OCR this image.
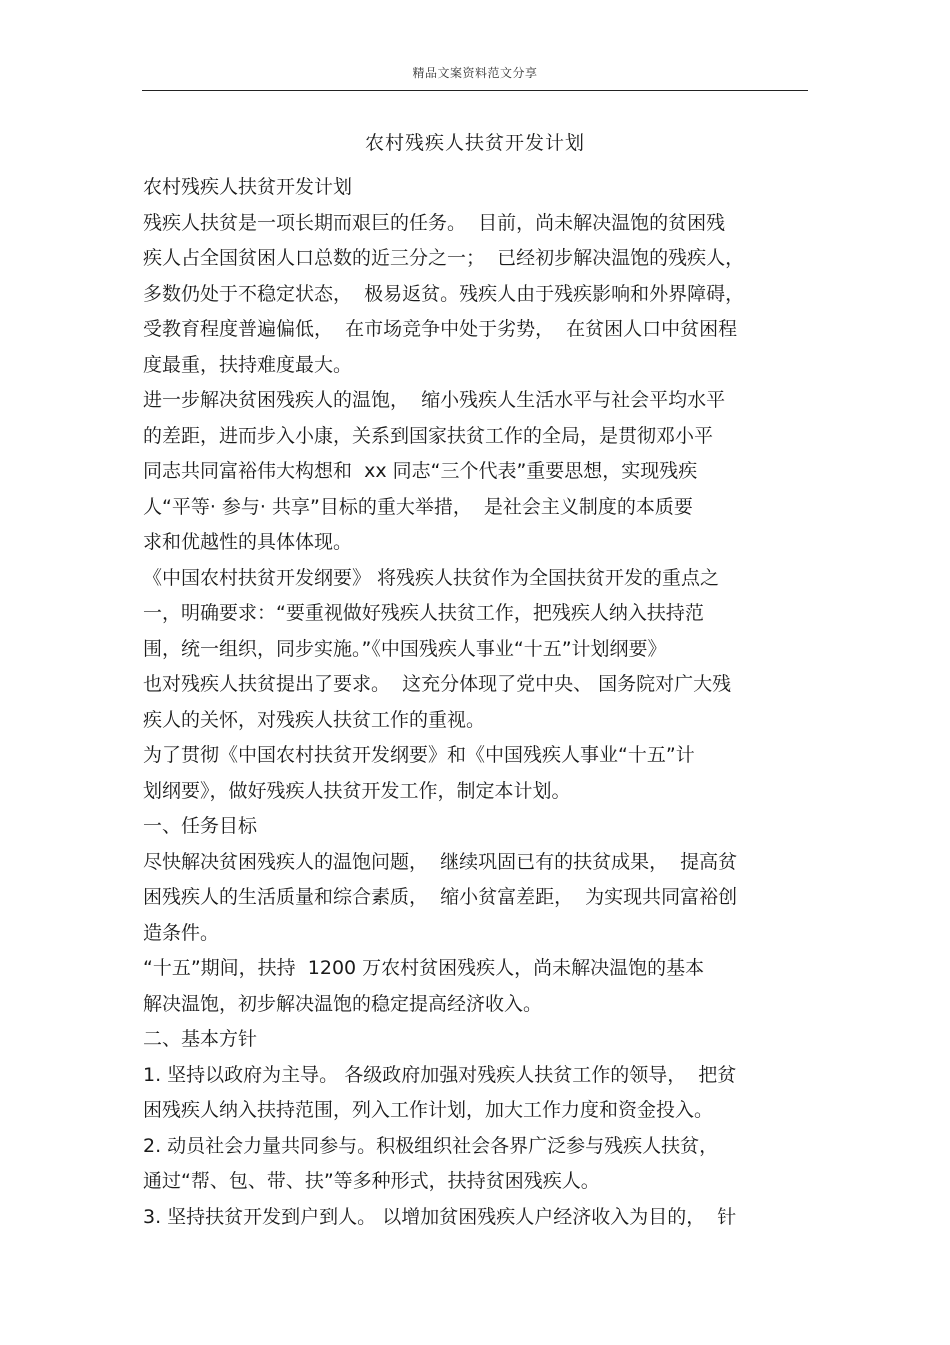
精品文案资料范文分享
农村残疾人扶贫开发计划
农村残疾人扶贫开发计划
残疾人扶贫是一项长期而艰巨的任务。  目前，尚未解决温饱的贫困残
疾人占全国贫困人口总数的近三分之一；  已经初步解决温饱的残疾人，
多数仍处于不稳定状态，  极易返贫。残疾人由于残疾影响和外界障碍，
受教育程度普遍偏低，  在市场竞争中处于劣势，  在贫困人口中贫困程
度最重，扶持难度最大。
进一步解决贫困残疾人的温饱，  缩小残疾人生活水平与社会平均水平
的差距，进而步入小康，关系到国家扶贫工作的全局，是贯彻邓小平
同志共同富裕伟大构想和  xx 同志“三个代表”重要思想，实现残疾
人“平等· 参与· 共享”目标的重大举措，  是社会主义制度的本质要
求和优越性的具体体现。
《中国农村扶贫开发纲要》 将残疾人扶贫作为全国扶贫开发的重点之
一，明确要求：“要重视做好残疾人扶贫工作，把残疾人纳入扶持范
围，统一组织，同步实施。”《中国残疾人事业“十五”计划纲要》
也对残疾人扶贫提出了要求。  这充分体现了党中央、 国务院对广大残
疾人的关怀，对残疾人扶贫工作的重视。
为了贯彻《中国农村扶贫开发纲要》和《中国残疾人事业“十五”计
划纲要》，做好残疾人扶贫开发工作，制定本计划。
一、任务目标
尽快解决贫困残疾人的温饱问题，  继续巩固已有的扶贫成果，  提高贫
困残疾人的生活质量和综合素质，  缩小贫富差距，  为实现共同富裕创
造条件。
“十五”期间，扶持  1200 万农村贫困残疾人，尚未解决温饱的基本
解决温饱，初步解决温饱的稳定提高经济收入。
二、基本方针
1. 坚持以政府为主导。 各级政府加强对残疾人扶贫工作的领导，  把贫
困残疾人纳入扶持范围，列入工作计划，加大工作力度和资金投入。
2. 动员社会力量共同参与。积极组织社会各界广泛参与残疾人扶贫，
通过“帮、包、带、扶”等多种形式，扶持贫困残疾人。
3. 坚持扶贫开发到户到人。 以增加贫困残疾人户经济收入为目的，  针
